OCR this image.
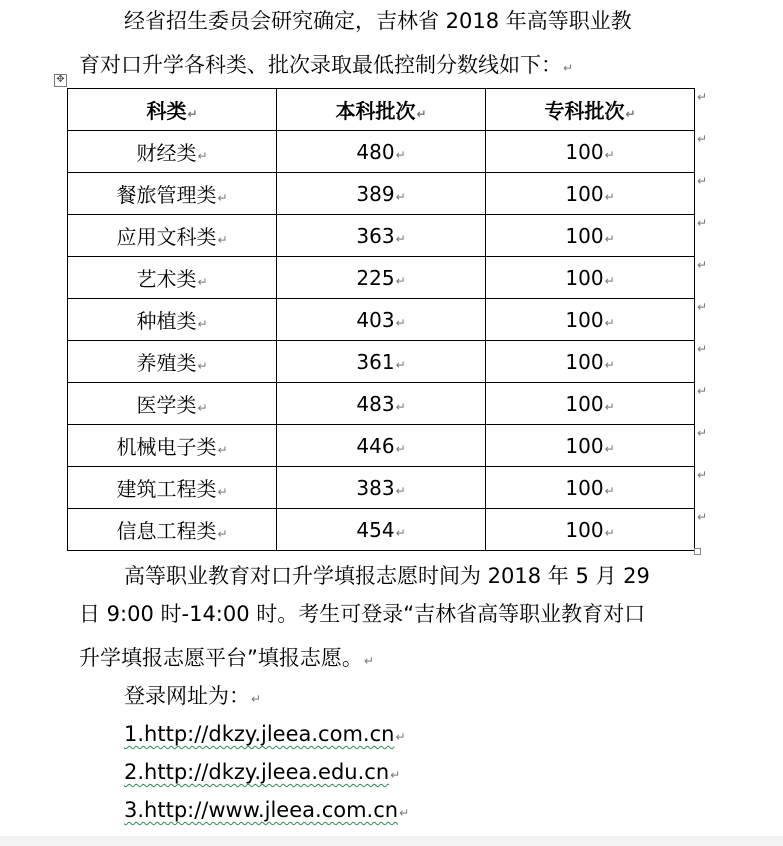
经省招生委员会研究确定，吉林省 2018 年高等职业教
育对口升学各科类、批次录取最低控制分数线如下：↵
✥
科类↵	本科批次↵	专科批次↵
财经类↵	480↵	100↵
餐旅管理类↵	389↵	100↵
应用文科类↵	363↵	100↵
艺术类↵	225↵	100↵
种植类↵	403↵	100↵
养殖类↵	361↵	100↵
医学类↵	483↵	100↵
机械电子类↵	446↵	100↵
建筑工程类↵	383↵	100↵
信息工程类↵	454↵	100↵
↵
↵
↵
↵
↵
↵
↵
↵
↵
↵
↵
高等职业教育对口升学填报志愿时间为 2018 年 5 月 29
日 9:00 时-14:00 时。考生可登录“吉林省高等职业教育对口
升学填报志愿平台”填报志愿。↵
登录网址为：↵
1.http://dkzy.jleea.com.cn↵
2.http://dkzy.jleea.edu.cn↵
3.http://www.jleea.com.cn↵
